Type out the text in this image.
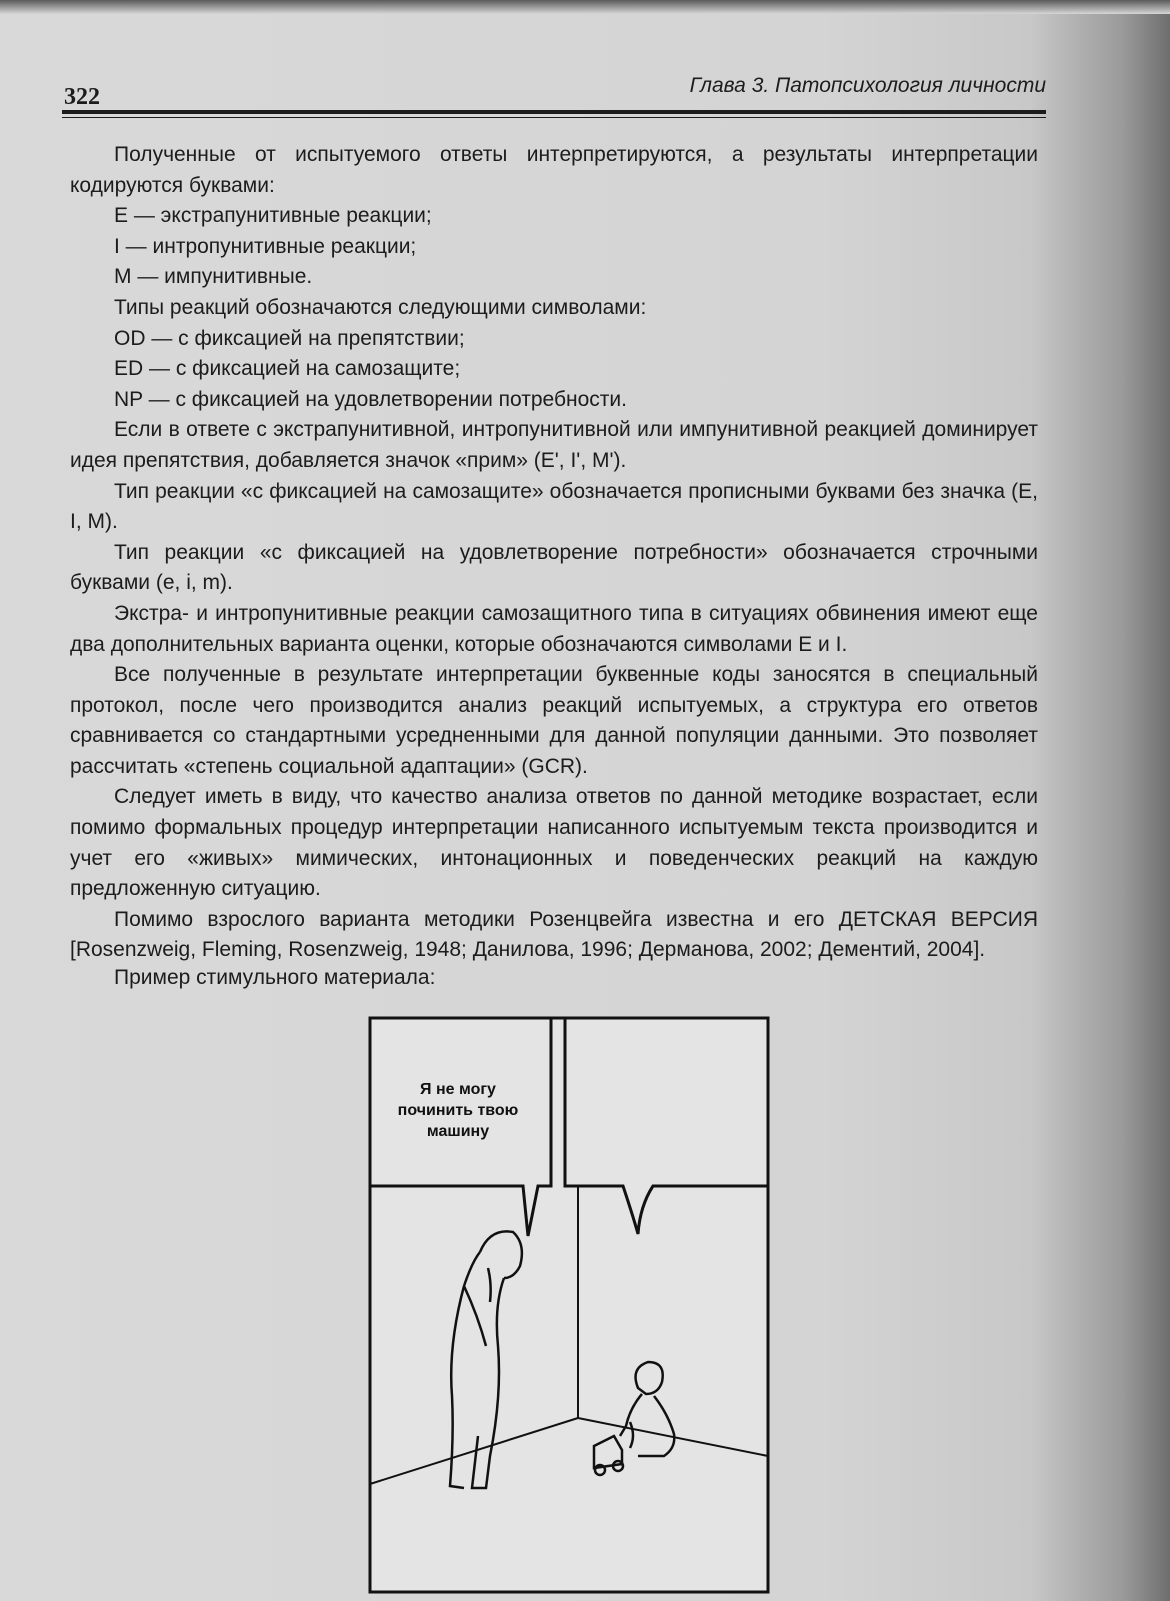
322	Глава 3. Патопсихология личности

Полученные от испытуемого ответы интерпретируются, а результаты интерпретации кодируются буквами:

E — экстрапунитивные реакции;

I — интропунитивные реакции;

M — импунитивные.

Типы реакций обозначаются следующими символами:

OD — с фиксацией на препятствии;

ED — с фиксацией на самозащите;

NP — с фиксацией на удовлетворении потребности.

Если в ответе с экстрапунитивной, интропунитивной или импунитивной реакцией доминирует идея препятствия, добавляется значок «прим» (E', I', M').

Тип реакции «с фиксацией на самозащите» обозначается прописными буквами без значка (E, I, M).

Тип реакции «с фиксацией на удовлетворение потребности» обозначается строчными буквами (e, i, m).

Экстра- и интропунитивные реакции самозащитного типа в ситуациях обвинения имеют еще два дополнительных варианта оценки, которые обозначаются символами E и I.

Все полученные в результате интерпретации буквенные коды заносятся в специальный протокол, после чего производится анализ реакций испытуемых, а структура его ответов сравнивается со стандартными усредненными для данной популяции данными. Это позволяет рассчитать «степень социальной адаптации» (GCR).

Следует иметь в виду, что качество анализа ответов по данной методике возрастает, если помимо формальных процедур интерпретации написанного испытуемым текста производится и учет его «живых» мимических, интонационных и поведенческих реакций на каждую предложенную ситуацию.

Помимо взрослого варианта методики Розенцвейга известна и его ДЕТСКАЯ ВЕРСИЯ [Rosenzweig, Fleming, Rosenzweig, 1948; Данилова, 1996; Дерманова, 2002; Дементий, 2004].

Пример стимульного материала:
Я не могу
починить твою
машину
